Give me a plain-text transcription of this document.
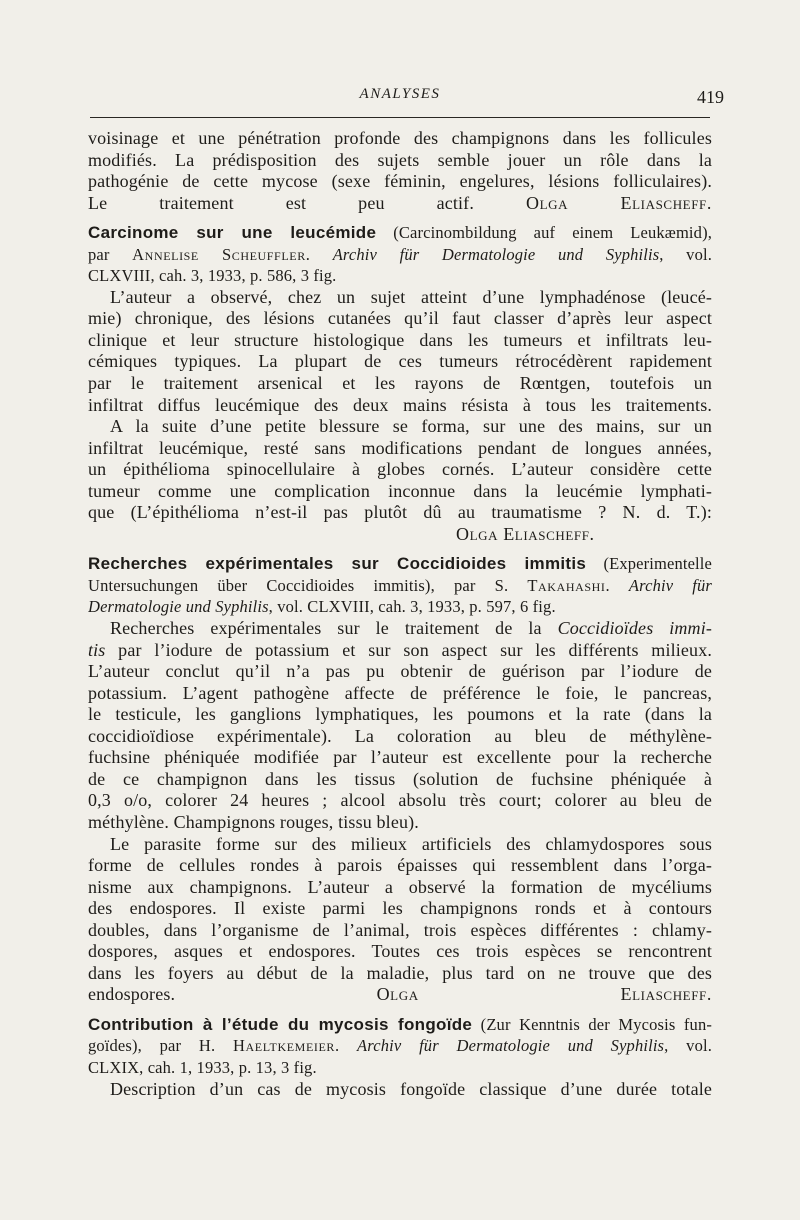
ANALYSES	419
voisinage et une pénétration profonde des champignons dans les follicules
modifiés. La prédisposition des sujets semble jouer un rôle dans la
pathogénie de cette mycose (sexe féminin, engelures, lésions folliculaires).
Le traitement est peu actif.	Olga Eliascheff.
Carcinome sur une leucémide (Carcinombildung auf einem Leukæmid),
par Annelise Scheuffler. Archiv für Dermatologie und Syphilis, vol.
CLXVIII, cah. 3, 1933, p. 586, 3 fig.
L’auteur a observé, chez un sujet atteint d’une lymphadénose (leucé-
mie) chronique, des lésions cutanées qu’il faut classer d’après leur aspect
clinique et leur structure histologique dans les tumeurs et infiltrats leu-
cémiques typiques. La plupart de ces tumeurs rétrocédèrent rapidement
par le traitement arsenical et les rayons de Rœntgen, toutefois un
infiltrat diffus leucémique des deux mains résista à tous les traitements.
A la suite d’une petite blessure se forma, sur une des mains, sur un
infiltrat leucémique, resté sans modifications pendant de longues années,
un épithélioma spinocellulaire à globes cornés. L’auteur considère cette
tumeur comme une complication inconnue dans la leucémie lymphati-
que (L’épithélioma n’est-il pas plutôt dû au traumatisme ? N. d. T.):
Olga Eliascheff.
Recherches expérimentales sur Coccidioides immitis (Experimentelle
Untersuchungen über Coccidioides immitis), par S. Takahashi. Archiv für
Dermatologie und Syphilis, vol. CLXVIII, cah. 3, 1933, p. 597, 6 fig.
Recherches expérimentales sur le traitement de la Coccidioïdes immi-
tis par l’iodure de potassium et sur son aspect sur les différents milieux.
L’auteur conclut qu’il n’a pas pu obtenir de guérison par l’iodure de
potassium. L’agent pathogène affecte de préférence le foie, le pancreas,
le testicule, les ganglions lymphatiques, les poumons et la rate (dans la
coccidioïdiose expérimentale). La coloration au bleu de méthylène-
fuchsine phéniquée modifiée par l’auteur est excellente pour la recherche
de ce champignon dans les tissus (solution de fuchsine phéniquée à
0,3 o/o, colorer 24 heures ; alcool absolu très court; colorer au bleu de
méthylène. Champignons rouges, tissu bleu).
Le parasite forme sur des milieux artificiels des chlamydospores sous
forme de cellules rondes à parois épaisses qui ressemblent dans l’orga-
nisme aux champignons. L’auteur a observé la formation de mycéliums
des endospores. Il existe parmi les champignons ronds et à contours
doubles, dans l’organisme de l’animal, trois espèces différentes : chlamy-
dospores, asques et endospores. Toutes ces trois espèces se rencontrent
dans les foyers au début de la maladie, plus tard on ne trouve que des
endospores.	Olga Eliascheff.
Contribution à l’étude du mycosis fongoïde (Zur Kenntnis der Mycosis fun-
goïdes), par H. Haeltkemeier. Archiv für Dermatologie und Syphilis, vol.
CLXIX, cah. 1, 1933, p. 13, 3 fig.
Description d’un cas de mycosis fongoïde classique d’une durée totale
